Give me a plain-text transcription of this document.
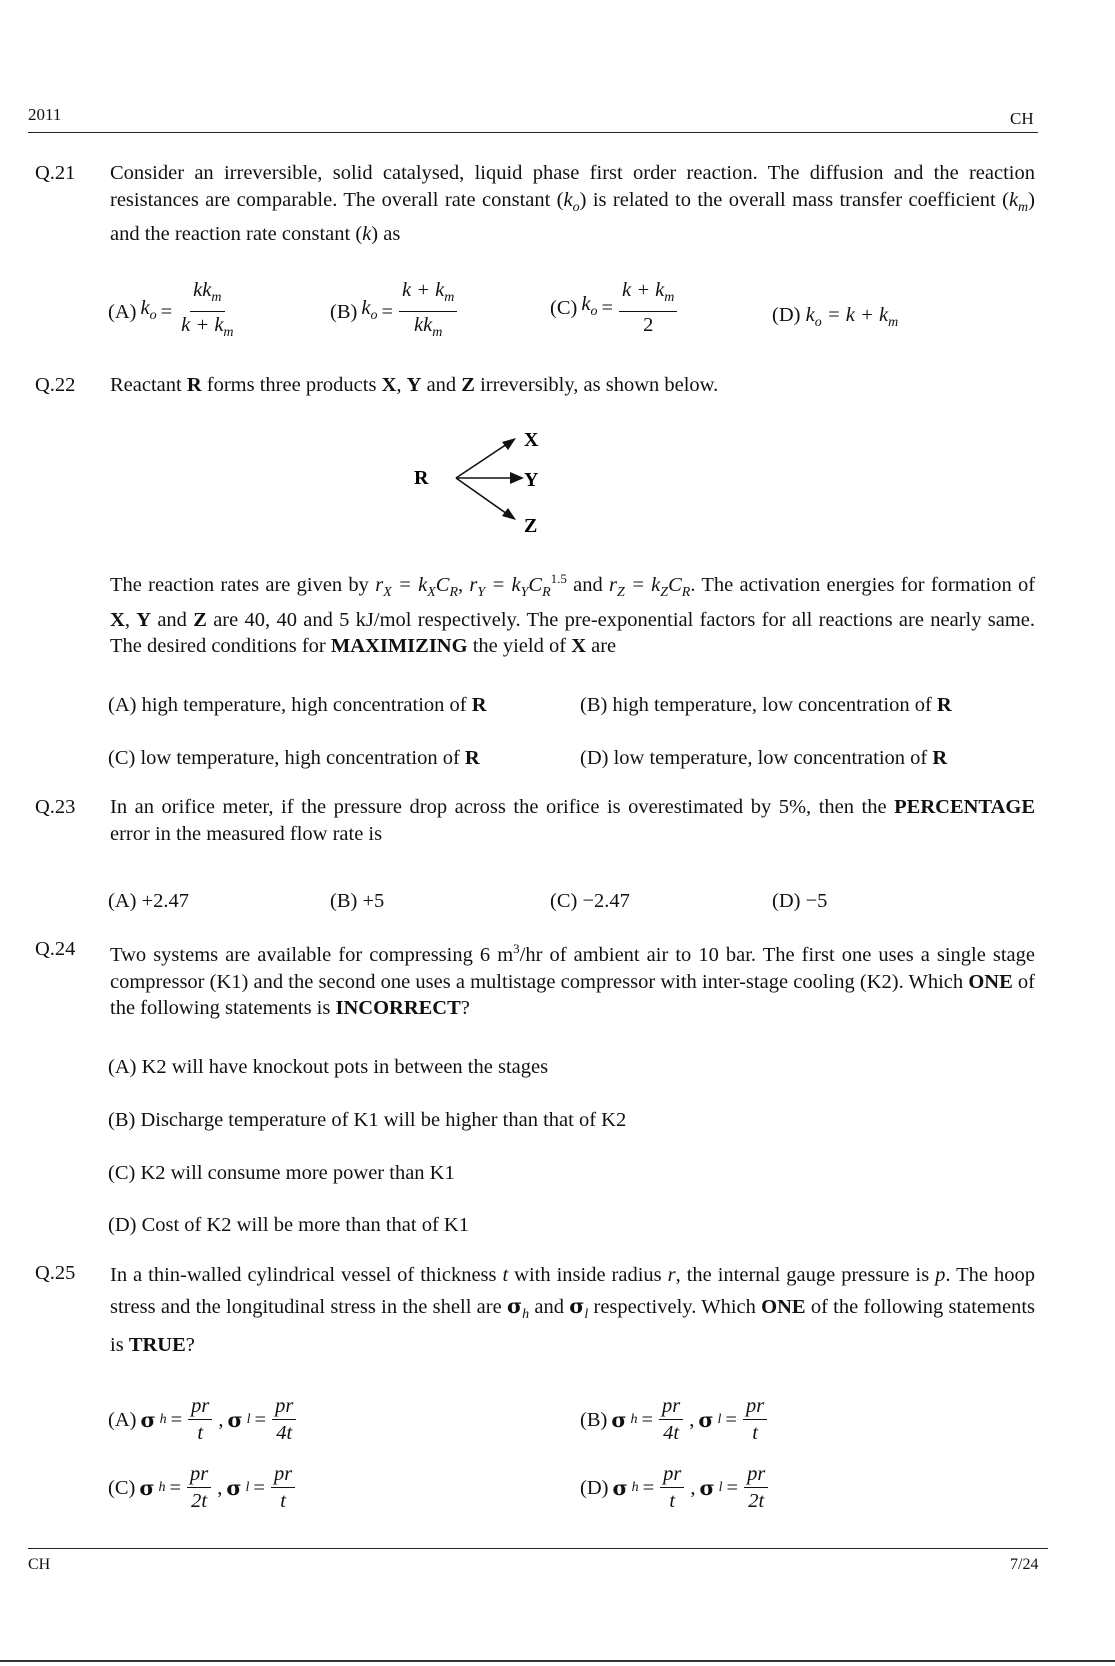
2011	CH
Q.21 Consider an irreversible, solid catalysed, liquid phase first order reaction. The diffusion and the reaction resistances are comparable. The overall rate constant $(k_o)$ is related to the overall mass transfer coefficient $(k_m)$ and the reaction rate constant (k) as
(A) $k_o = \frac{kk_m}{k + k_m}$	(B) $k_o = \frac{k + k_m}{kk_m}$	(C) $k_o = \frac{k + k_m}{2}$	(D) $k_o = k + k_m$
Q.22 Reactant R forms three products X, Y and Z irreversibly, as shown below.
R
X
Y
Z
The reaction rates are given by $r_X = k_XC_R$, $r_Y = k_YC_R^{1.5}$ and $r_Z = k_ZC_R$. The activation energies for formation of X, Y and Z are 40, 40 and 5 kJ/mol respectively. The pre-exponential factors for all reactions are nearly same. The desired conditions for MAXIMIZING the yield of X are
(A) high temperature, high concentration of R	(B) high temperature, low concentration of R
(C) low temperature, high concentration of R	(D) low temperature, low concentration of R
Q.23 In an orifice meter, if the pressure drop across the orifice is overestimated by 5%, then the PERCENTAGE error in the measured flow rate is
(A) +2.47	(B) +5	(C) −2.47	(D) −5
Q.24 Two systems are available for compressing 6 $m^3/hr$ of ambient air to 10 bar. The first one uses a single stage compressor (K1) and the second one uses a multistage compressor with inter-stage cooling (K2). Which ONE of the following statements is INCORRECT?
(A) K2 will have knockout pots in between the stages
(B) Discharge temperature of K1 will be higher than that of K2
(C) K2 will consume more power than K1
(D) Cost of K2 will be more than that of K1
Q.25 In a thin-walled cylindrical vessel of thickness t with inside radius r, the internal gauge pressure is p. The hoop stress and the longitudinal stress in the shell are $\sigma_h$ and $\sigma_l$ respectively. Which ONE of the following statements is TRUE?
(A) σ $h = \frac{pr}{t}$ , σ $l = \frac{pr}{4t}$	(B) σ $h = \frac{pr}{4t}$ , σ $l = \frac{pr}{t}$
(C) σ $h = \frac{pr}{2t}$ , σ $l = \frac{pr}{t}$	(D) σ $h = \frac{pr}{t}$ , σ $l = \frac{pr}{2t}$
CH	7/24
